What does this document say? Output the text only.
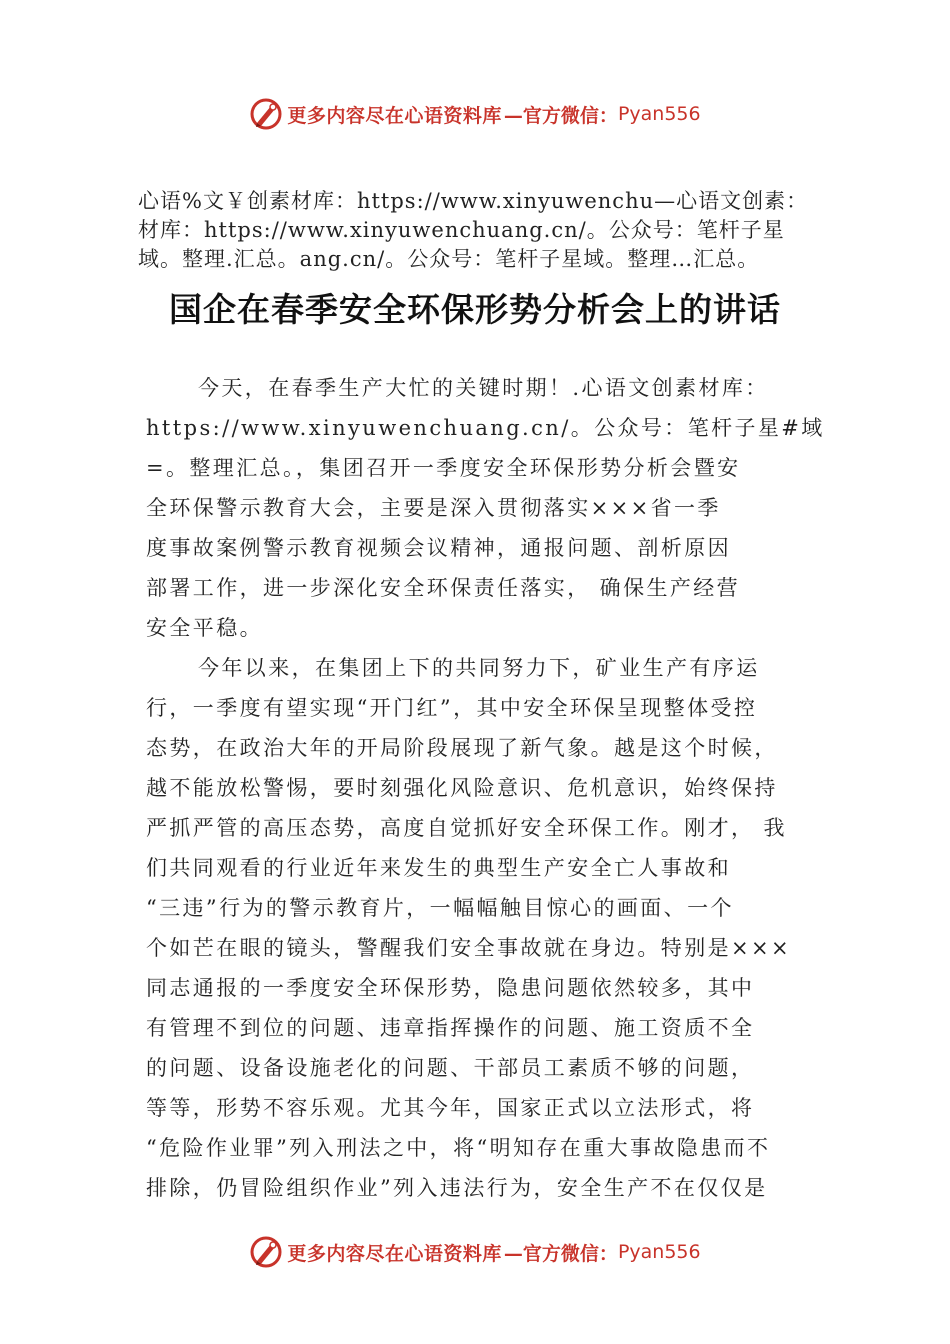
更多内容尽在心语资料库 —官方微信： Pyan556
心语%文￥创素材库：https://www.xinyuwenchu—心语文创素：
材库：https://www.xinyuwenchuang.cn/。公众号：笔杆子星
域。整理.汇总。ang.cn/。公众号：笔杆子星域。整理…汇总。
国企在春季安全环保形势分析会上的讲话
今天，在春季生产大忙的关键时期！.心语文创素材库：
https://www.xinyuwenchuang.cn/。公众号：笔杆子星#域
=。整理汇总。，集团召开一季度安全环保形势分析会暨安
全环保警示教育大会，主要是深入贯彻落实×××省一季
度事故案例警示教育视频会议精神，通报问题、剖析原因
部署工作，进一步深化安全环保责任落实， 确保生产经营
安全平稳。
今年以来，在集团上下的共同努力下，矿业生产有序运
行，一季度有望实现“开门红”，其中安全环保呈现整体受控
态势，在政治大年的开局阶段展现了新气象。越是这个时候，
越不能放松警惕，要时刻强化风险意识、危机意识，始终保持
严抓严管的高压态势，高度自觉抓好安全环保工作。刚才， 我
们共同观看的行业近年来发生的典型生产安全亡人事故和
“三违”行为的警示教育片，一幅幅触目惊心的画面、一个
个如芒在眼的镜头，警醒我们安全事故就在身边。特别是×××
同志通报的一季度安全环保形势，隐患问题依然较多，其中
有管理不到位的问题、违章指挥操作的问题、施工资质不全
的问题、设备设施老化的问题、干部员工素质不够的问题，
等等，形势不容乐观。尤其今年，国家正式以立法形式，将
“危险作业罪”列入刑法之中，将“明知存在重大事故隐患而不
排除，仍冒险组织作业”列入违法行为，安全生产不在仅仅是
更多内容尽在心语资料库 —官方微信： Pyan556
